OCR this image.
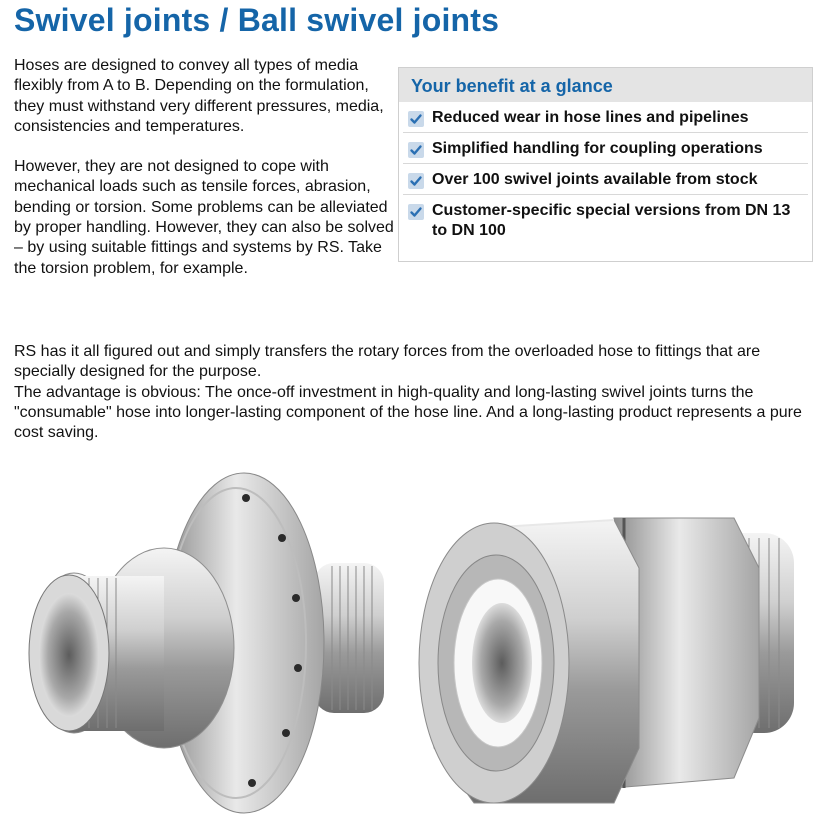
Swivel joints / Ball swivel joints

Hoses are designed to convey all types of media flexibly from A to B. Depending on the formulation, they must withstand very different pressures, media, consistencies and temperatures.

However, they are not designed to cope with mechanical loads such as tensile forces, abrasion, bending or torsion. Some problems can be alleviated by proper handling. However, they can also be solved – by using suitable fittings and systems by RS. Take the torsion problem, for example.

Your benefit at a glance
Reduced wear in hose lines and pipelines
Simplified handling for coupling operations
Over 100 swivel joints available from stock
Customer-specific special versions from DN 13 to DN 100

RS has it all figured out and simply transfers the rotary forces from the overloaded hose to fittings that are specially designed for the purpose.

The advantage is obvious: The once-off investment in high-quality and long-lasting swivel joints turns the "consumable" hose into longer-lasting component of the hose line. And a long-lasting product represents a pure cost saving.
